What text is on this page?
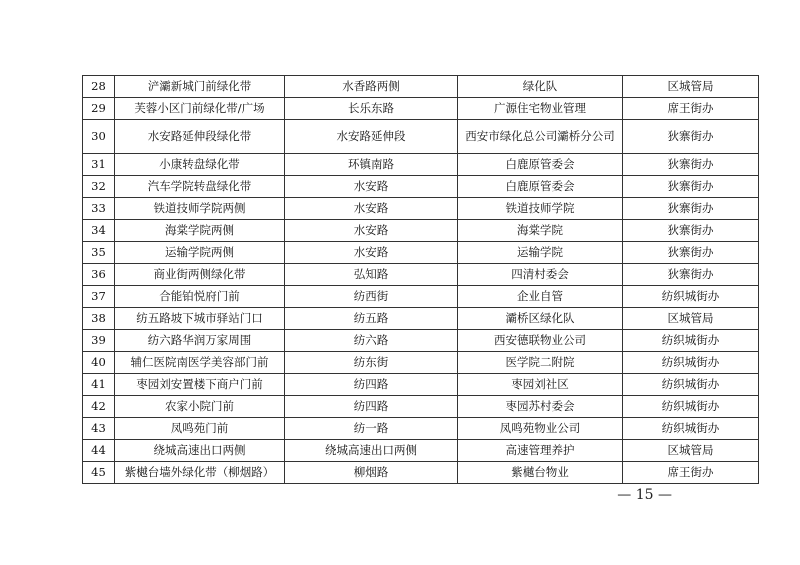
28	浐灞新城门前绿化带	水香路两侧	绿化队	区城管局
29	芙蓉小区门前绿化带/广场	长乐东路	广源住宅物业管理	席王街办
30	水安路延伸段绿化带	水安路延伸段	西安市绿化总公司灞桥分公司	狄寨街办
31	小康转盘绿化带	环镇南路	白鹿原管委会	狄寨街办
32	汽车学院转盘绿化带	水安路	白鹿原管委会	狄寨街办
33	铁道技师学院两侧	水安路	铁道技师学院	狄寨街办
34	海棠学院两侧	水安路	海棠学院	狄寨街办
35	运输学院两侧	水安路	运输学院	狄寨街办
36	商业街两侧绿化带	弘知路	四清村委会	狄寨街办
37	合能铂悦府门前	纺西街	企业自管	纺织城街办
38	纺五路坡下城市驿站门口	纺五路	灞桥区绿化队	区城管局
39	纺六路华润万家周围	纺六路	西安德联物业公司	纺织城街办
40	辅仁医院南医学美容部门前	纺东街	医学院二附院	纺织城街办
41	枣园刘安置楼下商户门前	纺四路	枣园刘社区	纺织城街办
42	农家小院门前	纺四路	枣园苏村委会	纺织城街办
43	凤鸣苑门前	纺一路	凤鸣苑物业公司	纺织城街办
44	绕城高速出口两侧	绕城高速出口两侧	高速管理养护	区城管局
45	紫樾台墙外绿化带（柳烟路）	柳烟路	紫樾台物业	席王街办
— 15 —
